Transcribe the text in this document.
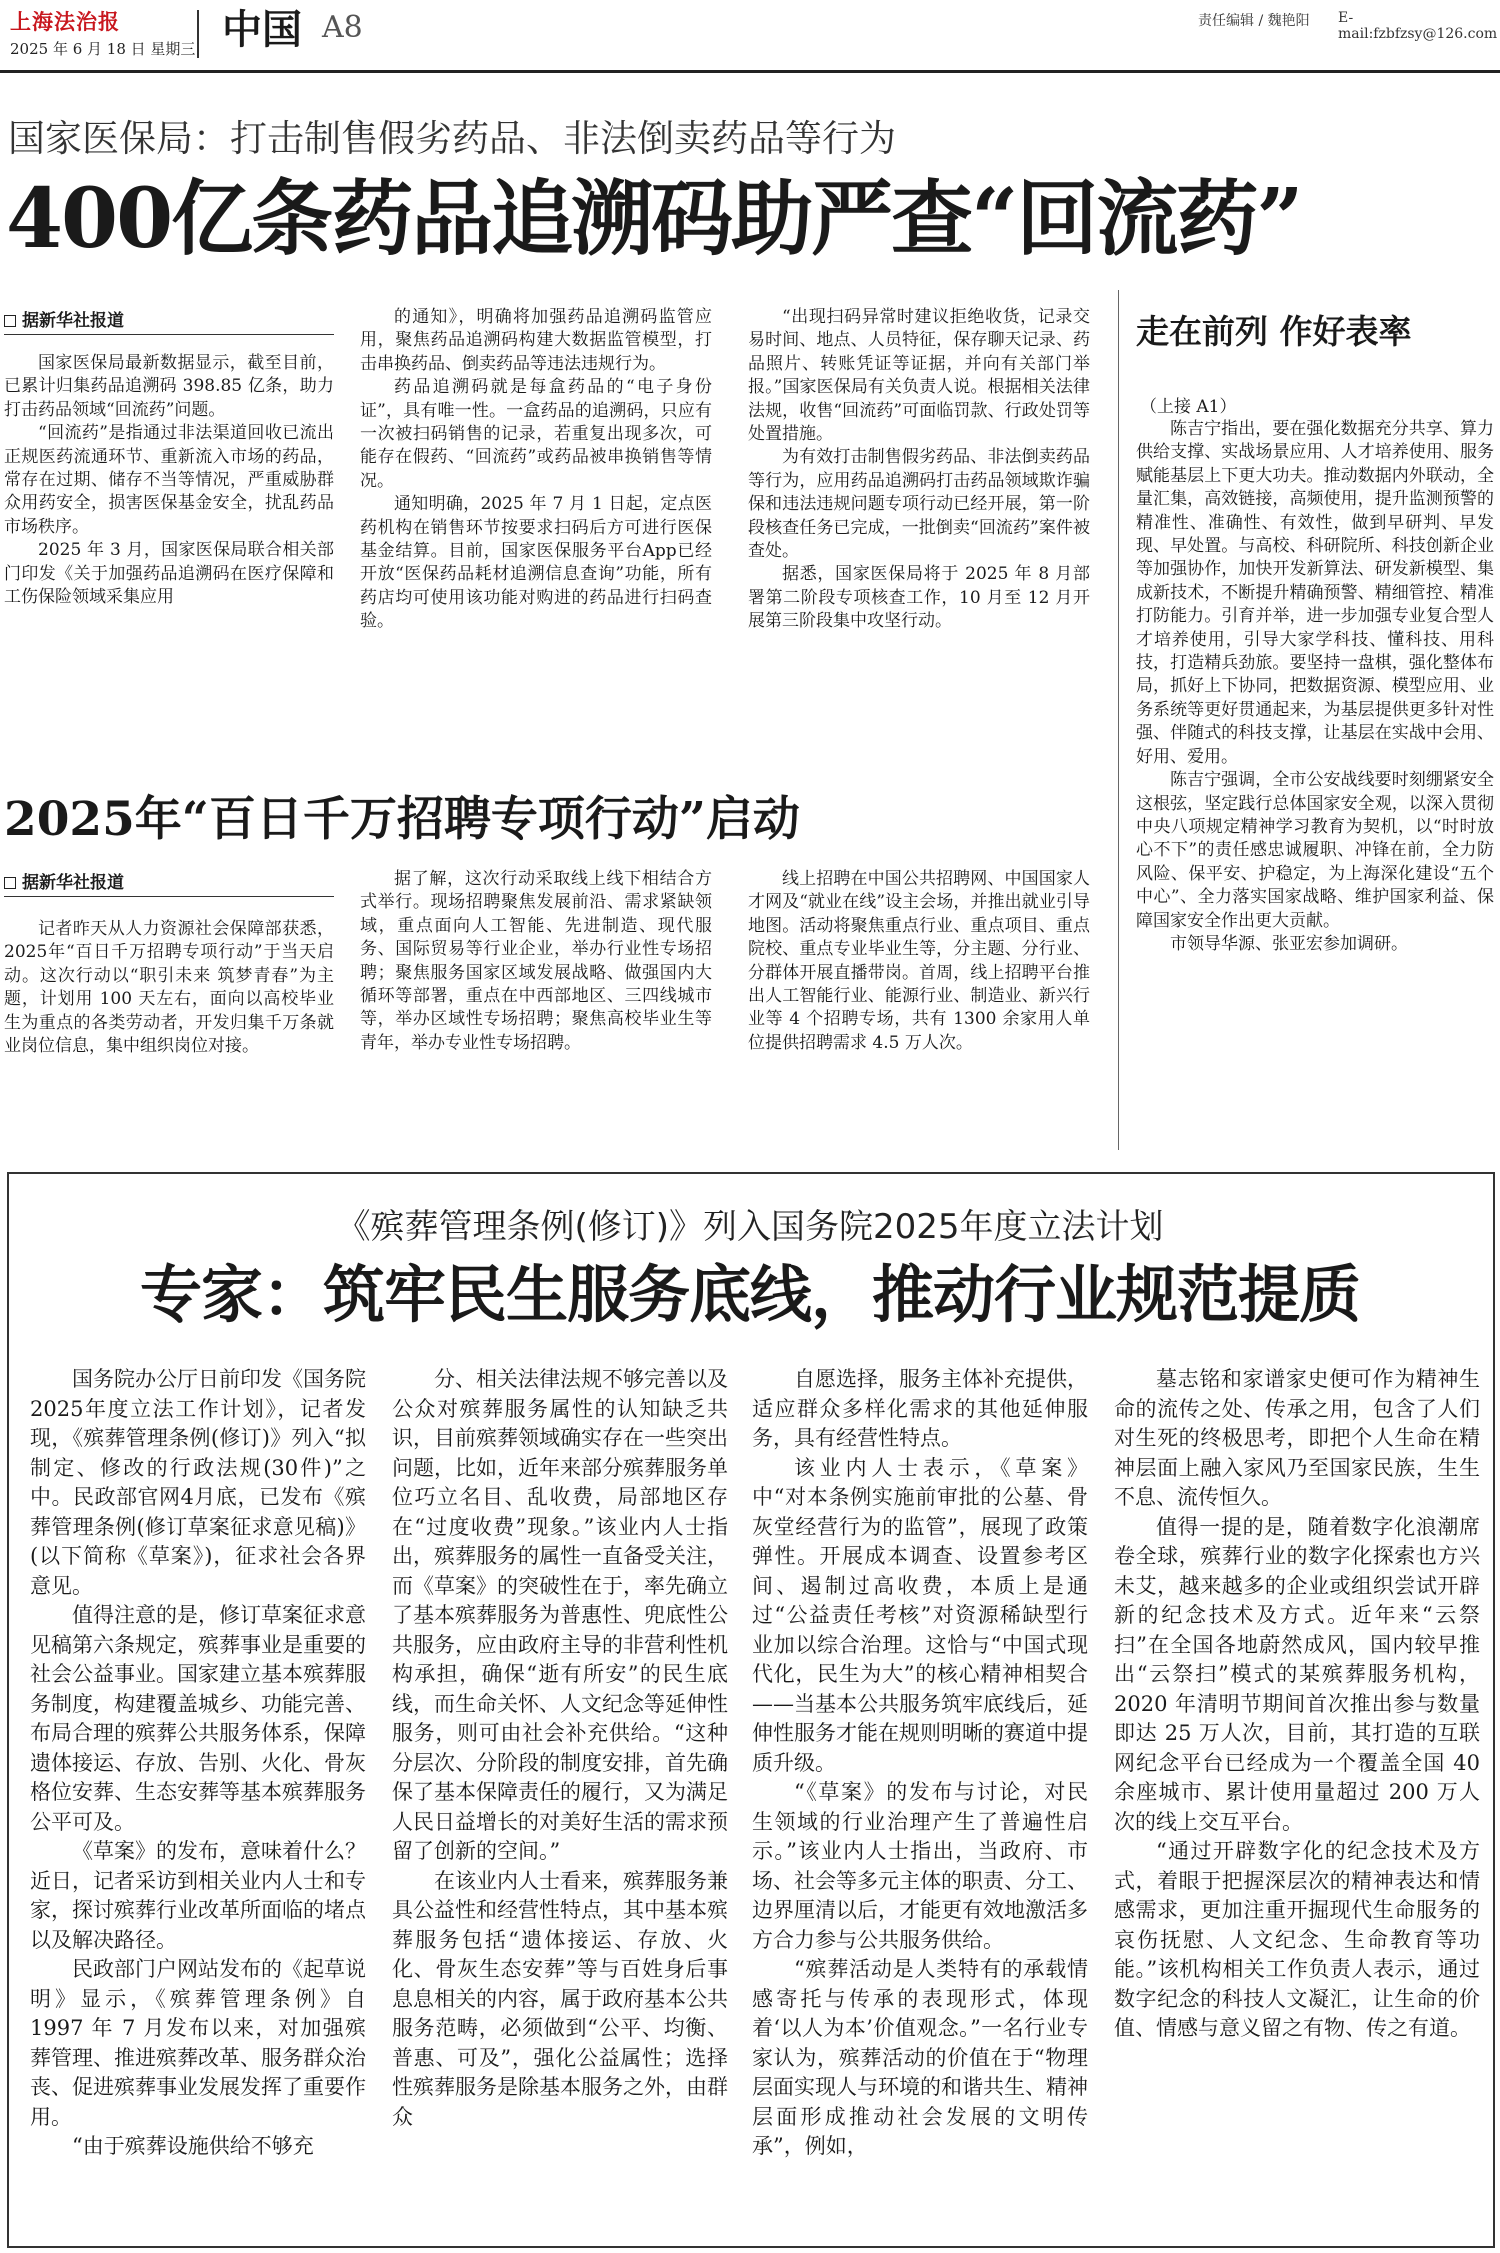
上海法治报
2025 年 6 月 18 日 星期三 中国 A8	责任编辑 / 魏艳阳 E-mail:fzbfzsy@126.com
国家医保局：打击制售假劣药品、非法倒卖药品等行为
400亿条药品追溯码助严查“回流药”
据新华社报道
国家医保局最新数据显示，截至目前，已累计归集药品追溯码 398.85 亿条，助力打击药品领域“回流药”问题。
“回流药”是指通过非法渠道回收已流出正规医药流通环节、重新流入市场的药品，常存在过期、储存不当等情况，严重威胁群众用药安全，损害医保基金安全，扰乱药品市场秩序。
2025 年 3 月，国家医保局联合相关部门印发《关于加强药品追溯码在医疗保障和工伤保险领域采集应用
的通知》，明确将加强药品追溯码监管应用，聚焦药品追溯码构建大数据监管模型，打击串换药品、倒卖药品等违法违规行为。
药品追溯码就是每盒药品的“电子身份证”，具有唯一性。一盒药品的追溯码，只应有一次被扫码销售的记录，若重复出现多次，可能存在假药、“回流药”或药品被串换销售等情况。
通知明确，2025 年 7 月 1 日起，定点医药机构在销售环节按要求扫码后方可进行医保基金结算。目前，国家医保服务平台App已经开放“医保药品耗材追溯信息查询”功能，所有药店均可使用该功能对购进的药品进行扫码查验。
“出现扫码异常时建议拒绝收货，记录交易时间、地点、人员特征，保存聊天记录、药品照片、转账凭证等证据，并向有关部门举报。”国家医保局有关负责人说。根据相关法律法规，收售“回流药”可面临罚款、行政处罚等处置措施。
为有效打击制售假劣药品、非法倒卖药品等行为，应用药品追溯码打击药品领域欺诈骗保和违法违规问题专项行动已经开展，第一阶段核查任务已完成，一批倒卖“回流药”案件被查处。
据悉，国家医保局将于 2025 年 8 月部署第二阶段专项核查工作，10 月至 12 月开展第三阶段集中攻坚行动。
2025年“百日千万招聘专项行动”启动
据新华社报道
记者昨天从人力资源社会保障部获悉，2025年“百日千万招聘专项行动”于当天启动。这次行动以“职引未来 筑梦青春”为主题，计划用 100 天左右，面向以高校毕业生为重点的各类劳动者，开发归集千万条就业岗位信息，集中组织岗位对接。
据了解，这次行动采取线上线下相结合方式举行。现场招聘聚焦发展前沿、需求紧缺领域，重点面向人工智能、先进制造、现代服务、国际贸易等行业企业，举办行业性专场招聘；聚焦服务国家区域发展战略、做强国内大循环等部署，重点在中西部地区、三四线城市等，举办区域性专场招聘；聚焦高校毕业生等青年，举办专业性专场招聘。
线上招聘在中国公共招聘网、中国国家人才网及“就业在线”设主会场，并推出就业引导地图。活动将聚焦重点行业、重点项目、重点院校、重点专业毕业生等，分主题、分行业、分群体开展直播带岗。首周，线上招聘平台推出人工智能行业、能源行业、制造业、新兴行业等 4 个招聘专场，共有 1300 余家用人单位提供招聘需求 4.5 万人次。
走在前列 作好表率
（上接 A1）
陈吉宁指出，要在强化数据充分共享、算力供给支撑、实战场景应用、人才培养使用、服务赋能基层上下更大功夫。推动数据内外联动，全量汇集，高效链接，高频使用，提升监测预警的精准性、准确性、有效性，做到早研判、早发现、早处置。与高校、科研院所、科技创新企业等加强协作，加快开发新算法、研发新模型、集成新技术，不断提升精确预警、精细管控、精准打防能力。引育并举，进一步加强专业复合型人才培养使用，引导大家学科技、懂科技、用科技，打造精兵劲旅。要坚持一盘棋，强化整体布局，抓好上下协同，把数据资源、模型应用、业务系统等更好贯通起来，为基层提供更多针对性强、伴随式的科技支撑，让基层在实战中会用、好用、爱用。
陈吉宁强调，全市公安战线要时刻绷紧安全这根弦，坚定践行总体国家安全观，以深入贯彻中央八项规定精神学习教育为契机，以“时时放心不下”的责任感忠诚履职、冲锋在前，全力防风险、保平安、护稳定，为上海深化建设“五个中心”、全力落实国家战略、维护国家利益、保障国家安全作出更大贡献。
市领导华源、张亚宏参加调研。
《殡葬管理条例(修订)》列入国务院2025年度立法计划
专家：筑牢民生服务底线，推动行业规范提质
国务院办公厅日前印发《国务院2025年度立法工作计划》，记者发现，《殡葬管理条例(修订)》列入“拟制定、修改的行政法规(30件)”之中。民政部官网4月底，已发布《殡葬管理条例(修订草案征求意见稿)》(以下简称《草案》)，征求社会各界意见。
值得注意的是，修订草案征求意见稿第六条规定，殡葬事业是重要的社会公益事业。国家建立基本殡葬服务制度，构建覆盖城乡、功能完善、布局合理的殡葬公共服务体系，保障遗体接运、存放、告别、火化、骨灰格位安葬、生态安葬等基本殡葬服务公平可及。
《草案》的发布，意味着什么？近日，记者采访到相关业内人士和专家，探讨殡葬行业改革所面临的堵点以及解决路径。
民政部门户网站发布的《起草说明》显示，《殡葬管理条例》自 1997 年 7 月发布以来，对加强殡葬管理、推进殡葬改革、服务群众治丧、促进殡葬事业发展发挥了重要作用。
“由于殡葬设施供给不够充
分、相关法律法规不够完善以及公众对殡葬服务属性的认知缺乏共识，目前殡葬领域确实存在一些突出问题，比如，近年来部分殡葬服务单位巧立名目、乱收费，局部地区存在“过度收费”现象。”该业内人士指出，殡葬服务的属性一直备受关注，而《草案》的突破性在于，率先确立了基本殡葬服务为普惠性、兜底性公共服务，应由政府主导的非营利性机构承担，确保“逝有所安”的民生底线，而生命关怀、人文纪念等延伸性服务，则可由社会补充供给。“这种分层次、分阶段的制度安排，首先确保了基本保障责任的履行，又为满足人民日益增长的对美好生活的需求预留了创新的空间。”
在该业内人士看来，殡葬服务兼具公益性和经营性特点，其中基本殡葬服务包括“遗体接运、存放、火化、骨灰生态安葬”等与百姓身后事息息相关的内容，属于政府基本公共服务范畴，必须做到“公平、均衡、普惠、可及”，强化公益属性；选择性殡葬服务是除基本服务之外，由群众
自愿选择，服务主体补充提供，适应群众多样化需求的其他延伸服务，具有经营性特点。
该业内人士表示，《草案》中“对本条例实施前审批的公墓、骨灰堂经营行为的监管”，展现了政策弹性。开展成本调查、设置参考区间、遏制过高收费，本质上是通过“公益责任考核”对资源稀缺型行业加以综合治理。这恰与“中国式现代化，民生为大”的核心精神相契合——当基本公共服务筑牢底线后，延伸性服务才能在规则明晰的赛道中提质升级。
“《草案》的发布与讨论，对民生领域的行业治理产生了普遍性启示。”该业内人士指出，当政府、市场、社会等多元主体的职责、分工、边界厘清以后，才能更有效地激活多方合力参与公共服务供给。
“殡葬活动是人类特有的承载情感寄托与传承的表现形式，体现着‘以人为本’价值观念。”一名行业专家认为，殡葬活动的价值在于“物理层面实现人与环境的和谐共生、精神层面形成推动社会发展的文明传承”，例如，
墓志铭和家谱家史便可作为精神生命的流传之处、传承之用，包含了人们对生死的终极思考，即把个人生命在精神层面上融入家风乃至国家民族，生生不息、流传恒久。
值得一提的是，随着数字化浪潮席卷全球，殡葬行业的数字化探索也方兴未艾，越来越多的企业或组织尝试开辟新的纪念技术及方式。近年来“云祭扫”在全国各地蔚然成风，国内较早推出“云祭扫”模式的某殡葬服务机构，2020 年清明节期间首次推出参与数量即达 25 万人次，目前，其打造的互联网纪念平台已经成为一个覆盖全国 40 余座城市、累计使用量超过 200 万人次的线上交互平台。
“通过开辟数字化的纪念技术及方式，着眼于把握深层次的精神表达和情感需求，更加注重开掘现代生命服务的哀伤抚慰、人文纪念、生命教育等功能。”该机构相关工作负责人表示，通过数字纪念的科技人文凝汇，让生命的价值、情感与意义留之有物、传之有道。
